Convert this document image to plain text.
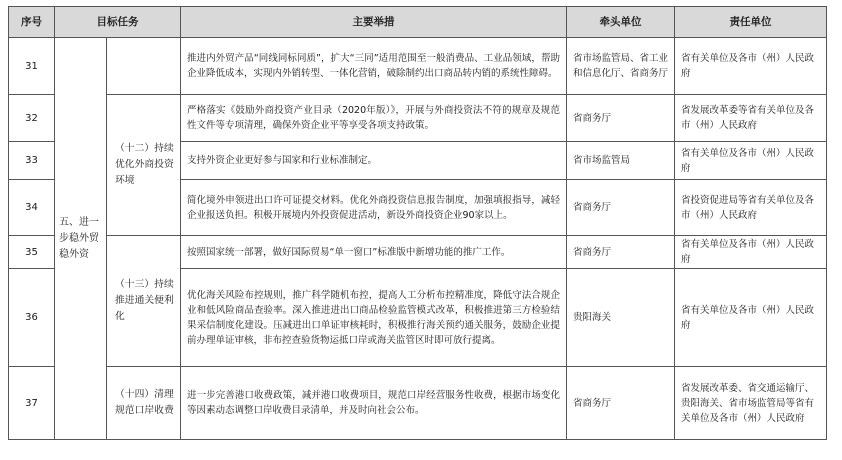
序号	目标任务		主要举措	牵头单位	责任单位
31	五、进一步稳外贸稳外资		推进内外贸产品“同线同标同质”，扩大“三同”适用范围至一般消费品、工业品领域，帮助企业降低成本，实现内外销转型、一体化营销，破除制约出口商品转内销的系统性障碍。	省市场监管局、省工业和信息化厅、省商务厅	省有关单位及各市（州）人民政府
32		（十二）持续优化外商投资环境	严格落实《鼓励外商投资产业目录（2020年版）》，开展与外商投资法不符的规章及规范性文件等专项清理，确保外资企业平等享受各项支持政策。	省商务厅	省发展改革委等省有关单位及各市（州）人民政府
33			支持外资企业更好参与国家和行业标准制定。	省市场监管局	省有关单位及各市（州）人民政府
34			简化境外申领进出口许可证提交材料。优化外商投资信息报告制度，加强填报指导，减轻企业报送负担。积极开展境内外投资促进活动，新设外商投资企业90家以上。	省商务厅	省投资促进局等省有关单位及各市（州）人民政府
35		（十三）持续推进通关便利化	按照国家统一部署，做好国际贸易“单一窗口”标准版中新增功能的推广工作。	省商务厅	省有关单位及各市（州）人民政府
36			优化海关风险布控规则，推广科学随机布控，提高人工分析布控精准度，降低守法合规企业和低风险商品查验率。深入推进进出口商品检验监管模式改革，积极推进第三方检验结果采信制度化建设。压减进出口单证审核耗时，积极推行海关预约通关服务，鼓励企业提前办理单证审核，非布控查验货物运抵口岸或海关监管区时即可放行提离。	贵阳海关	省有关单位及各市（州）人民政府
37		（十四）清理规范口岸收费	进一步完善港口收费政策，减并港口收费项目，规范口岸经营服务性收费，根据市场变化等因素动态调整口岸收费目录清单，并及时向社会公布。	省商务厅	省发展改革委、省交通运输厅、贵阳海关、省市场监管局等省有关单位及各市（州）人民政府
